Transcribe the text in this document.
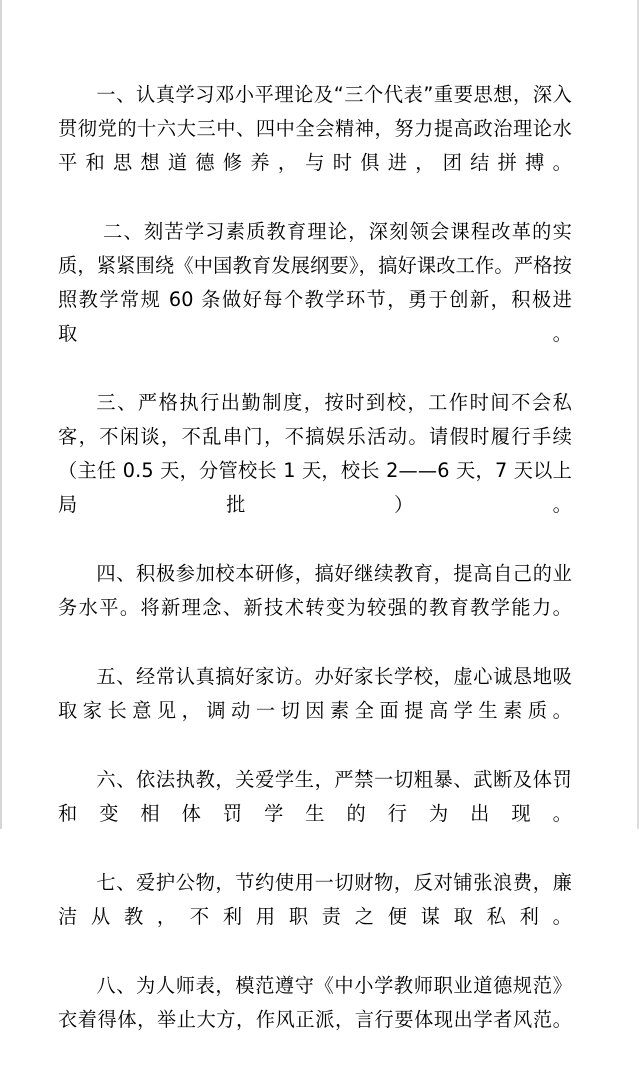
一、认真学习邓小平理论及“三个代表”重要思想，深入贯彻党的十六大三中、四中全会精神，努力提高政治理论水平和思想道德修养，与时俱进，团结拼搏。

二、刻苦学习素质教育理论，深刻领会课程改革的实质，紧紧围绕《中国教育发展纲要》，搞好课改工作。严格按照教学常规 60 条做好每个教学环节，勇于创新，积极进取。

三、严格执行出勤制度，按时到校，工作时间不会私客，不闲谈，不乱串门，不搞娱乐活动。请假时履行手续（主任 0.5 天，分管校长 1 天，校长 2——6 天，7 天以上局批）。

四、积极参加校本研修，搞好继续教育，提高自己的业务水平。将新理念、新技术转变为较强的教育教学能力。

五、经常认真搞好家访。办好家长学校，虚心诚恳地吸取家长意见，调动一切因素全面提高学生素质。

六、依法执教，关爱学生，严禁一切粗暴、武断及体罚和变相体罚学生的行为出现。

七、爱护公物，节约使用一切财物，反对铺张浪费，廉洁从教，不利用职责之便谋取私利。

八、为人师表，模范遵守《中小学教师职业道德规范》衣着得体，举止大方，作风正派，言行要体现出学者风范。
